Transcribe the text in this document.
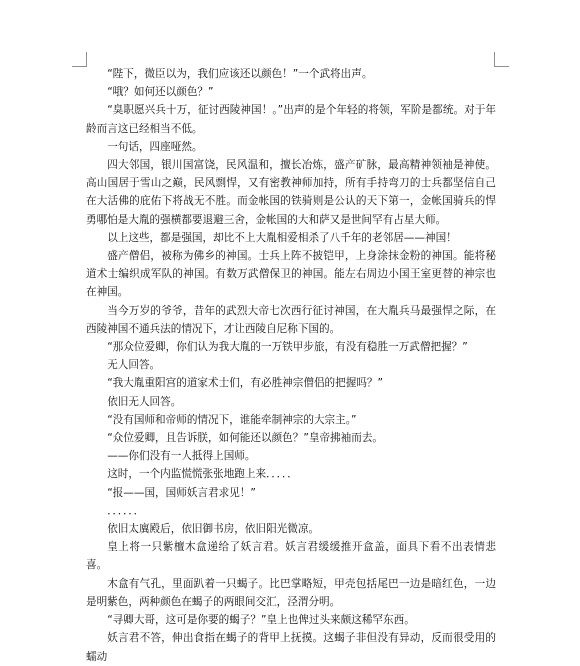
“陛下，微臣以为，我们应该还以颜色！”一个武将出声。

“哦？如何还以颜色？”

“臭职愿兴兵十万，征讨西陵神国！。”出声的是个年轻的将领，军阶是都统。对于年龄而言这已经相当不低。

一句话，四座哑然。

四大邻国，银川国富饶，民风温和，擅长冶炼，盛产矿脉，最高精神领袖是神使。高山国居于雪山之巅，民风剽悍，又有密教神师加持，所有手持弯刀的士兵都坚信自己在大活佛的庇佑下将战无不胜。而金帐国的铁骑则是公认的天下第一，金帐国骑兵的悍勇哪怕是大胤的强横都要退避三舍，金帐国的大和萨又是世间罕有占星大师。

以上这些，都是强国，却比不上大胤相爱相杀了八千年的老邻居——神国！

盛产僧侣，被称为佛乡的神国。士兵上阵不披铠甲，上身涂抹金粉的神国。能将秘道术士编织成军队的神国。有数万武僧保卫的神国。能左右周边小国王室更替的神宗也在神国。

当今万岁的爷爷，昔年的武烈大帝七次西行征讨神国，在大胤兵马最强悍之际，在西陵神国不通兵法的情况下，才让西陵自尼称下国的。

“那众位爱卿，你们认为我大胤的一万铁甲步旅，有没有稳胜一万武僧把握？”

无人回答。

“我大胤重阳宫的道家术士们，有必胜神宗僧侣的把握吗？”

依旧无人回答。

“没有国师和帝师的情况下，谁能牵制神宗的大宗主。”

“众位爱卿，且告诉朕，如何能还以颜色？”皇帝拂袖而去。

——你们没有一人抵得上国师。

这时，一个内监慌慌张张地跑上来．．．．．

“报——国，国师妖言君求见！”

．．．．．．

依旧太廙殿后，依旧御书房，依旧阳光微凉。

皇上将一只紫檀木盒递给了妖言君。妖言君缓缓推开盒盖，面具下看不出表情悲喜。

木盒有气孔，里面趴着一只蝎子。比巴掌略短，甲壳包括尾巴一边是暗红色，一边是明紫色，两种颜色在蝎子的两眼间交汇，泾渭分明。

“寻卿大哥，这可是你要的蝎子？”皇上也俾过头来颇这稀罕东西。

妖言君不答，伸出食指在蝎子的背甲上抚摸。这蝎子非但没有异动，反而很受用的蠕动
